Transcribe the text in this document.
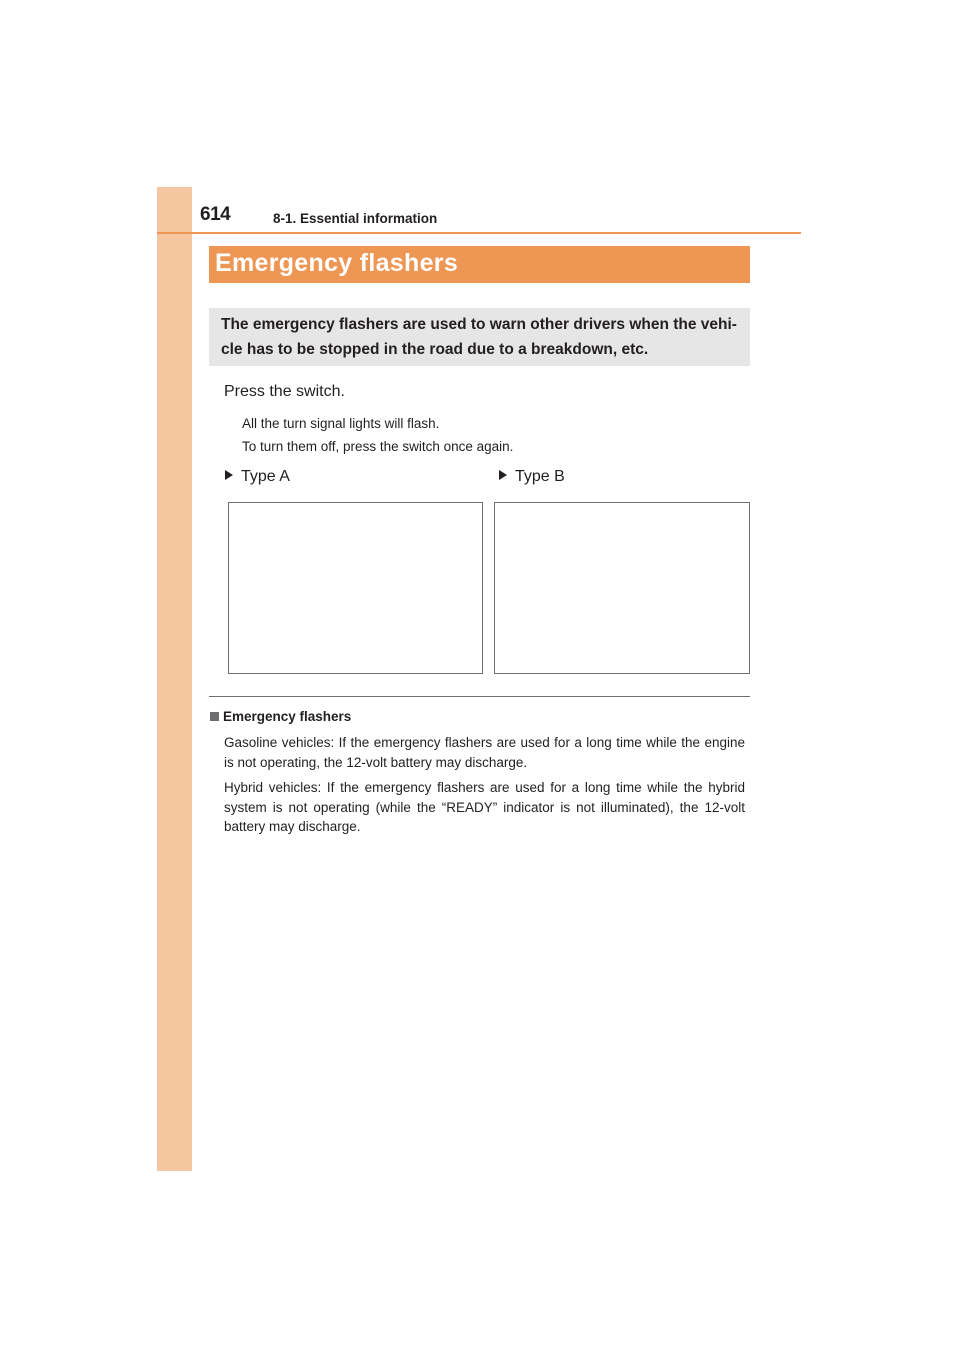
614	8-1. Essential information
Emergency flashers
The emergency flashers are used to warn other drivers when the vehi-cle has to be stopped in the road due to a breakdown, etc.
Press the switch.
All the turn signal lights will flash.
To turn them off, press the switch once again.
Type A	Type B
Emergency flashers
Gasoline vehicles: If the emergency flashers are used for a long time while the engine is not operating, the 12-volt battery may discharge.
Hybrid vehicles: If the emergency flashers are used for a long time while the hybrid system is not operating (while the “READY” indicator is not illuminated), the 12-volt battery may discharge.
